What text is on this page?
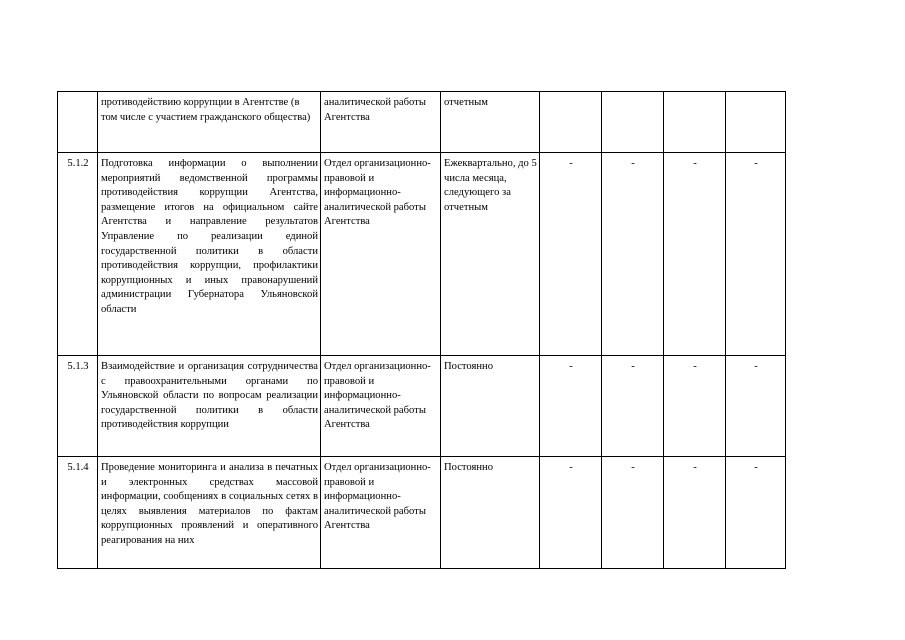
	противодействию коррупции в Агентстве (в том числе с участием гражданского общества)	аналитической работы Агентства	отчетным				
5.1.2	Подготовка информации о выполнении мероприятий ведомственной программы противодействия коррупции Агентства, размещение итогов на официальном сайте Агентства и направление результатов Управление по реализации единой государственной политики в области противодействия коррупции, профилактики коррупционных и иных правонарушений администрации Губернатора Ульяновской области	Отдел организационно-правовой и информационно-аналитической работы Агентства	Ежеквартально, до 5 числа месяца, следующего за отчетным	-	-	-	-
5.1.3	Взаимодействие и организация сотрудничества с правоохранительными органами по Ульяновской области по вопросам реализации государственной политики в области противодействия коррупции	Отдел организационно-правовой и информационно-аналитической работы Агентства	Постоянно	-	-	-	-
5.1.4	Проведение мониторинга и анализа в печатных и электронных средствах массовой информации, сообщениях в социальных сетях в целях выявления материалов по фактам коррупционных проявлений и оперативного реагирования на них	Отдел организационно-правовой и информационно-аналитической работы Агентства	Постоянно	-	-	-	-
